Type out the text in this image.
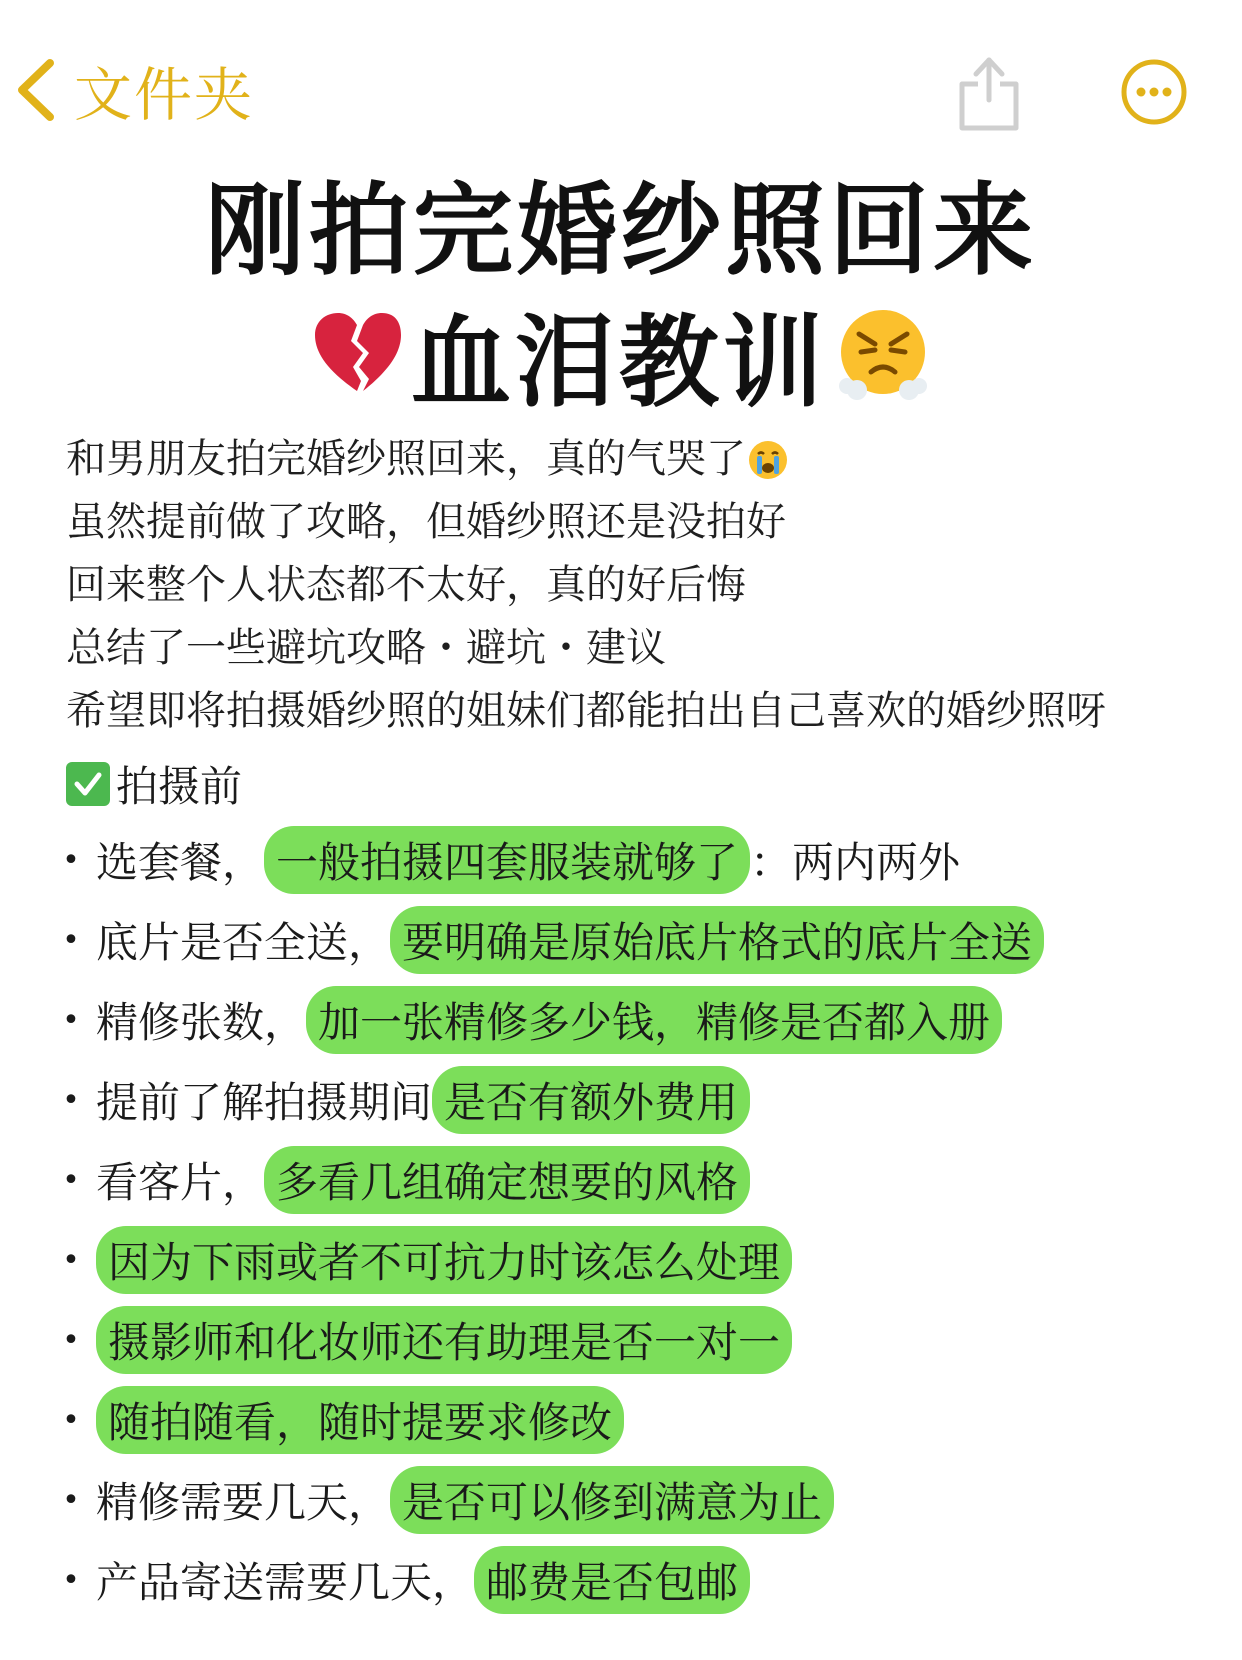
文件夹
刚拍完婚纱照回来
血泪教训
和男朋友拍完婚纱照回来，真的气哭了
虽然提前做了攻略，但婚纱照还是没拍好
回来整个人状态都不太好，真的好后悔
总结了一些避坑攻略・避坑・建议
希望即将拍摄婚纱照的姐妹们都能拍出自己喜欢的婚纱照呀
拍摄前
• 选套餐， 一般拍摄四套服装就够了 ：两内两外
• 底片是否全送， 要明确是原始底片格式的底片全送
• 精修张数， 加一张精修多少钱，精修是否都入册
• 提前了解拍摄期间 是否有额外费用
• 看客片， 多看几组确定想要的风格
• 因为下雨或者不可抗力时该怎么处理
• 摄影师和化妆师还有助理是否一对一
• 随拍随看，随时提要求修改
• 精修需要几天， 是否可以修到满意为止
• 产品寄送需要几天， 邮费是否包邮
